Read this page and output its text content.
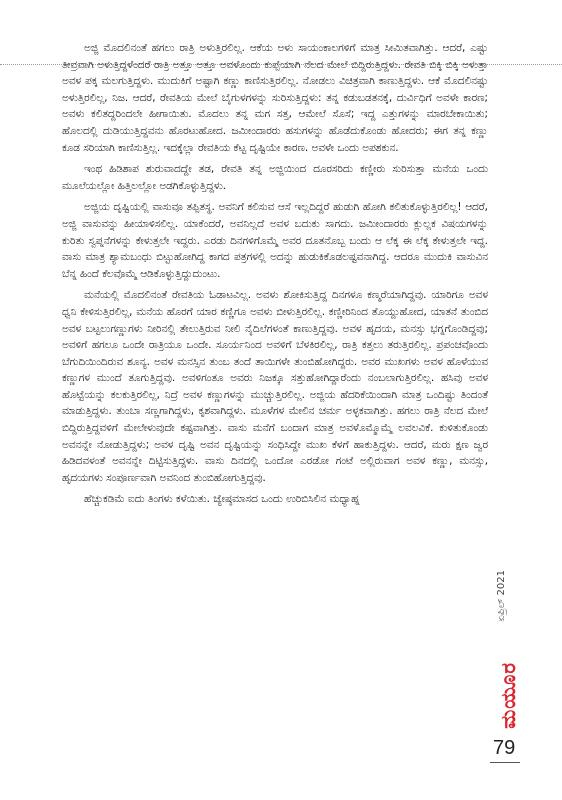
ಅಜ್ಜಿ ಮೊದಲಿನಂತೆ ಹಗಲು ರಾತ್ರಿ ಅಳುತ್ತಿರಲಿಲ್ಲ. ಆಕೆಯ ಅಳು ಸಾಯಂಕಾಲಗಳಿಗೆ ಮಾತ್ರ ಸೀಮಿತವಾಗಿತ್ತು. ಆದರೆ, ಎಷ್ಟು ತೀವ್ರವಾಗಿ ಅಳುತ್ತಿದ್ದಳೆಂದರೆ ರಾತ್ರಿ ಅತ್ತೂ ಅತ್ತೂ ಅವಳೊಂದು ಕುಪ್ಪೆಯಾಗಿ ನೆಲದ ಮೇಲೆ ಬಿದ್ದಿರುತ್ತಿದ್ದಳು. ರೇವತಿ ಬಿಕ್ಕಿ ಬಿಕ್ಕಿ ಅಳುತ್ತಾ ಅವಳ ಪಕ್ಕ ಮಲಗುತ್ತಿದ್ದಳು. ಮುದುಕಿಗೆ ಅಷ್ಟಾಗಿ ಕಣ್ಣು ಕಾಣಿಸುತ್ತಿರಲಿಲ್ಲ. ನೋಡಲು ವಿಚಿತ್ರವಾಗಿ ಕಾಣುತ್ತಿದ್ದಳು. ಆಕೆ ಮೊದಲಿನಷ್ಟು ಅಳುತ್ತಿರಲಿಲ್ಲ, ನಿಜ. ಆದರೆ, ರೇವತಿಯ ಮೇಲೆ ಬೈಗುಳಗಳನ್ನು ಸುರಿಸುತ್ತಿದ್ದಳು: ತನ್ನ ಕಡುಬಡತನಕ್ಕೆ, ದುರ್ವಿಧಿಗೆ ಅವಳೇ ಕಾರಣ; ಅವಳು ಕಲಿತದ್ದರಿಂದಲೇ ಹೀಗಾಯಿತು. ಮೊದಲು ತನ್ನ ಮಗ ಸತ್ತ, ಆಮೇಲೆ ಸೊಸೆ; ಇದ್ದ ಎತ್ತುಗಳನ್ನು ಮಾರಬೇಕಾಯಿತು; ಹೊಲದಲ್ಲಿ ದುಡಿಯುತ್ತಿದ್ದವನು ಹೊರಟುಹೋದ. ಜಮೀಂದಾರರು ಹಸುಗಳನ್ನು ಹೊಡೆದುಕೊಂಡು ಹೋದರು; ಈಗ ತನ್ನ ಕಣ್ಣು ಕೂಡ ಸರಿಯಾಗಿ ಕಾಣಿಸುತ್ತಿಲ್ಲ. ಇದಕ್ಕೆಲ್ಲಾ ರೇವತಿಯ ಕೆಟ್ಟ ದೃಷ್ಟಿಯೇ ಕಾರಣ. ಅವಳೇ ಒಂದು ಅಪಶಕುನ.

ಇಂಥ ಹಿಡಿಶಾಪ ಶುರುವಾದದ್ದೇ ತಡ, ರೇವತಿ ತನ್ನ ಅಜ್ಜಿಯಿಂದ ದೂರಸರಿದು ಕಣ್ಣೀರು ಸುರಿಸುತ್ತಾ ಮನೆಯ ಒಂದು ಮೂಲೆಯಲ್ಲೋ ಹಿತ್ತಿಲಲ್ಲೋ ಅಡಗಿಕೊಳ್ಳುತ್ತಿದ್ದಳು.

ಅಜ್ಜಿಯ ದೃಷ್ಟಿಯಲ್ಲಿ ವಾಸುವೂ ತಪ್ಪಿತಸ್ಥ. ಅವನಿಗೆ ಕಲಿಸುವ ಆಸೆ ಇಲ್ಲದಿದ್ದರೆ ಹುಡುಗಿ ಹೋಗಿ ಕಲಿತುಕೊಳ್ಳುತ್ತಿರಲಿಲ್ಲ! ಆದರೆ, ಅಜ್ಜಿ ವಾಸುವನ್ನು ಹೀಯಾಳಿಸಲಿಲ್ಲ. ಯಾಕೆಂದರೆ, ಅವನಿಲ್ಲದೆ ಅವಳ ಬದುಕು ಸಾಗದು. ಜಮೀಂದಾರರು ಕ್ಲುಲ್ಲಕ ವಿಷಯಗಳನ್ನು ಕುರಿತು ಸ್ವಪ್ನನೆಗಳನ್ನು ಕೇಳುತ್ತಲೇ ಇದ್ದರು. ಎರಡು ದಿನಗಳಿಗೊಮ್ಮೆ ಅವರ ದೂತನೊಬ್ಬ ಬಂದು ಆ ಲೆಕ್ಕ ಈ ಲೆಕ್ಕ ಕೇಳುತ್ತಲೇ ಇದ್ದ. ವಾಸು ಮಾತ್ರ ಶ್ಯಾಮಬಂಧು ಬಿಟ್ಟುಹೋಗಿದ್ದ ಕಾಗದ ಪತ್ರಗಳಲ್ಲಿ ಅದನ್ನು ಹುಡುಕಿಕೊಡಲಷ್ಟವನಾಗಿದ್ದ. ಆದರೂ ಮುದುಕಿ ವಾಸುವಿನ ಬೆನ್ನ ಹಿಂದೆ ಕೆಲವೊಮ್ಮೆ ಆಡಿಕೊಳ್ಳುತ್ತಿದ್ದುದುಂಟು.

ಮನೆಯಲ್ಲಿ ಮೊದಲಿನಂತೆ ರೇವತಿಯ ಓಡಾಟವಿಲ್ಲ. ಅವಳು ಶೋಕಿಸುತ್ತಿದ್ದ ದಿನಗಳೂ ಕಣ್ಮರೆಯಾಗಿದ್ದವು. ಯಾರಿಗೂ ಅವಳ ಧ್ವನಿ ಕೇಳಿಸುತ್ತಿರಲಿಲ್ಲ, ಮನೆಯ ಹೊರಗೆ ಯಾರ ಕಣ್ಣಿಗೂ ಅವಳು ಬೀಳುತ್ತಿರಲಿಲ್ಲ. ಕಣ್ಣೀರಿನಿಂದ ತೊಯ್ದುಹೋದ, ಯಾತನೆ ತುಂಬಿದ ಅವಳ ಬಟ್ಟಲುಗಣ್ಣುಗಳು ನೀರಿನಲ್ಲಿ ತೇಲುತ್ತಿರುವ ನೀಲಿ ನೈದಿಲೆಗಳಂತೆ ಕಾಣುತ್ತಿದ್ದವು. ಅವಳ ಹೃದಯ, ಮನಸ್ಸು ಭಗ್ನಗೊಂಡಿದ್ದವು; ಅವಳಿಗೆ ಹಗಲೂ ಒಂದೇ ರಾತ್ರಿಯೂ ಒಂದೇ. ಸೂರ್ಯನಿಂದ ಅವಳಿಗೆ ಬೆಳಕಿರಲಿಲ್ಲ, ರಾತ್ರಿ ಕತ್ತಲು ತರುತ್ತಿರಲಿಲ್ಲ. ಪ್ರಪಂಚವೊಂದು ಬೆಗುದಿಯಿಂದಿರುವ ಶೂನ್ಯ. ಅವಳ ಮನಸ್ಸಿನ ತುಂಬ ತಂದೆ ತಾಯಿಗಳೇ ತುಂಬಿಹೋಗಿದ್ದರು. ಅವರ ಮುಖಗಳು ಅವಳ ಹೊಳೆಯುವ ಕಣ್ಣುಗಳ ಮುಂದೆ ತೂಗುತ್ತಿದ್ದವು. ಅವಳಿಗಂತೂ ಅವರು ನಿಜಕ್ಕೂ ಸತ್ತುಹೋಗಿದ್ದಾರೆಂದು ನಂಬಲಾಗುತ್ತಿರಲಿಲ್ಲ. ಹಸಿವು ಅವಳ ಹೊಟ್ಟೆಯನ್ನು ಕಲಕುತ್ತಿರಲಿಲ್ಲ, ನಿದ್ರೆ ಅವಳ ಕಣ್ಣುಗಳನ್ನು ಮುಚ್ಚುತ್ತಿರಲಿಲ್ಲ. ಅಜ್ಜಿಯ ಹೆದರಿಕೆಯಿಂದಾಗಿ ಮಾತ್ರ ಒಂದಿಷ್ಟು ತಿಂದಂತೆ ಮಾಡುತ್ತಿದ್ದಳು. ತುಂಬಾ ಸಣ್ಣಗಾಗಿದ್ದಳು, ಕೃಶವಾಗಿದ್ದಳು. ಮೂಳೆಗಳ ಮೇಲಿನ ಚರ್ಮ ಅಳ್ಳಕವಾಗಿತ್ತು. ಹಗಲು ರಾತ್ರಿ ನೆಲದ ಮೇಲೆ ಬಿದ್ದಿರುತ್ತಿದ್ದವಳಿಗೆ ಮೇಲೇಳುವುದೇ ಕಷ್ಟವಾಗಿತ್ತು. ವಾಸು ಮನೆಗೆ ಬಂದಾಗ ಮಾತ್ರ ಅವಳೊಮ್ಮೊಮ್ಮೆ ಲವಲವಿಕೆ. ಕುಳಿತುಕೊಂಡು ಅವನನ್ನೇ ನೋಡುತ್ತಿದ್ದಳು; ಅವಳ ದೃಷ್ಟಿ ಅವನ ದೃಷ್ಟಿಯನ್ನು ಸಂಧಿಸಿದ್ದೇ ಮುಖ ಕೆಳಗೆ ಹಾಕುತ್ತಿದ್ದಳು. ಆದರೆ, ಮರು ಕ್ಷಣ ಜ್ವರ ಹಿಡಿದವಳಂತೆ ಅವನನ್ನೇ ದಿಟ್ಟಿಸುತ್ತಿದ್ದಳು. ವಾಸು ದಿನದಲ್ಲಿ ಒಂದೋ ಎರಡೋ ಗಂಟೆ ಅಲ್ಲಿರುವಾಗ ಅವಳ ಕಣ್ಣು, ಮನಸ್ಸು, ಹೃದಯಗಳು ಸಂಪೂರ್ಣವಾಗಿ ಅವನಿಂದ ತುಂಬಿಹೋಗುತ್ತಿದ್ದವು.

ಹೆಚ್ಚುಕಡಿಮೆ ಐದು ತಿಂಗಳು ಕಳೆಯಿತು. ಜ್ಯೇಷ್ಠಮಾಸದ ಒಂದು ಉರಿಬಿಸಿಲಿನ ಮಧ್ಯಾಹ್ನ

ಏಪ್ರಿಲ್ 2021
ಮಯೂರ
79
